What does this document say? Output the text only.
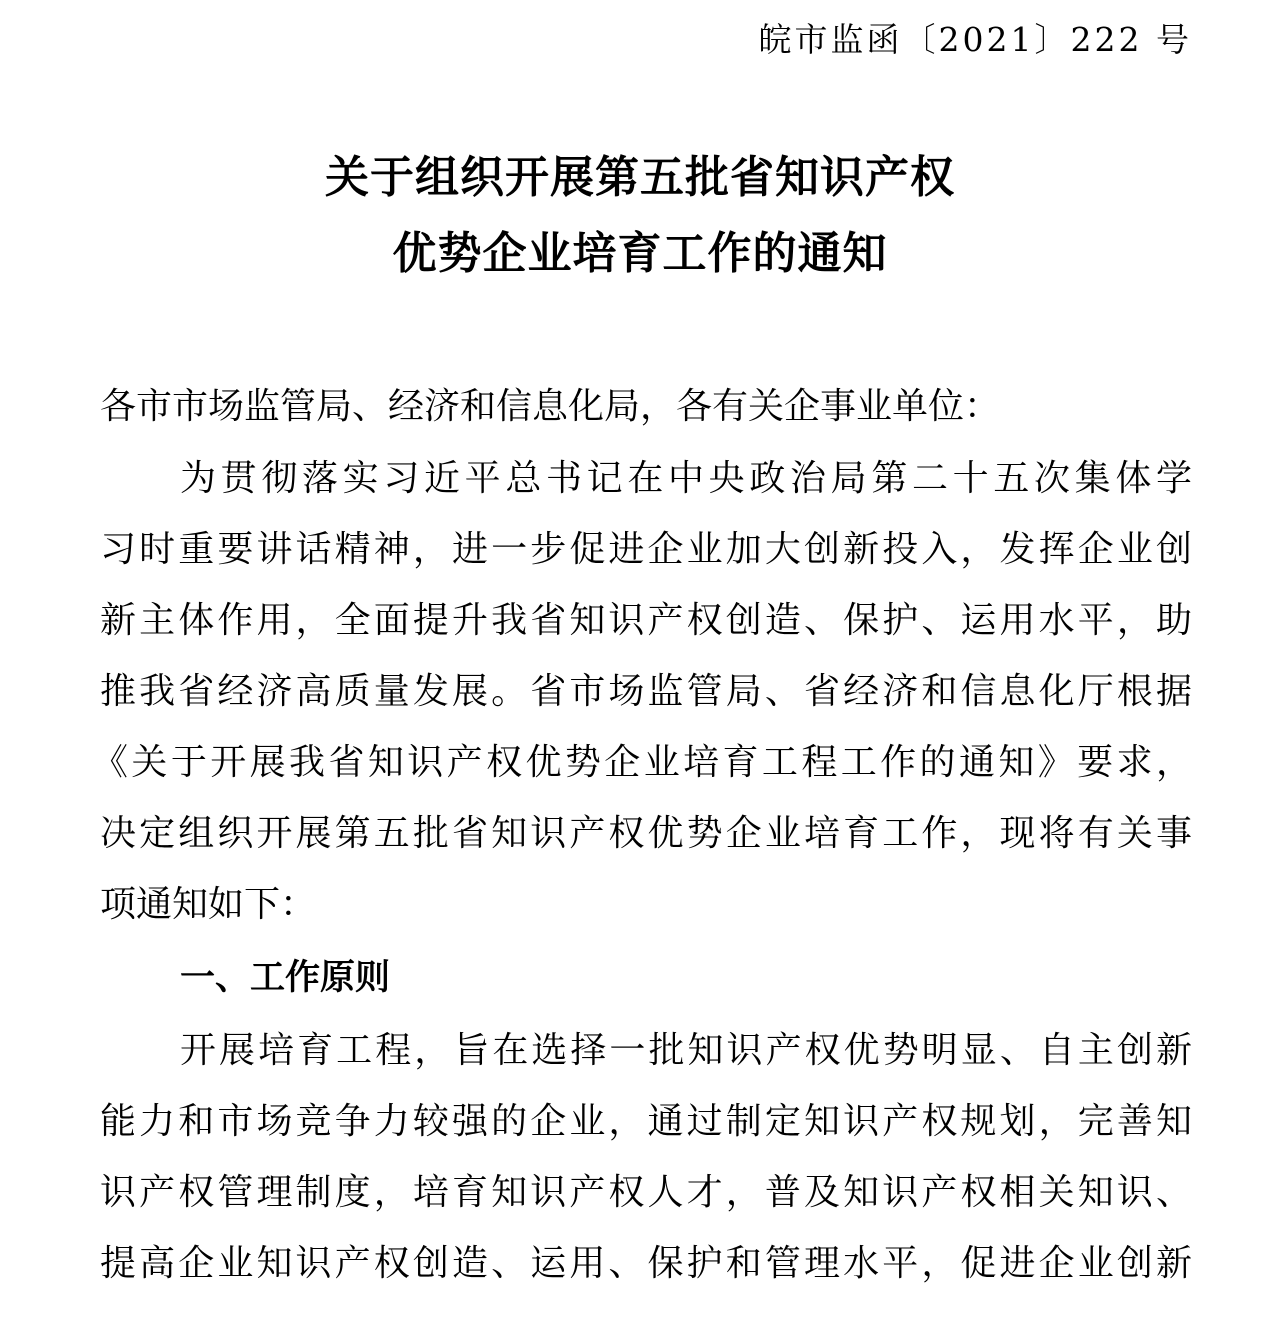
皖市监函〔2021〕222 号
关于组织开展第五批省知识产权
优势企业培育工作的通知
各市市场监管局、经济和信息化局，各有关企事业单位：
为贯彻落实习近平总书记在中央政治局第二十五次集体学
习时重要讲话精神，进一步促进企业加大创新投入，发挥企业创
新主体作用，全面提升我省知识产权创造、保护、运用水平，助
推我省经济高质量发展。省市场监管局、省经济和信息化厅根据
《关于开展我省知识产权优势企业培育工程工作的通知》要求，
决定组织开展第五批省知识产权优势企业培育工作，现将有关事
项通知如下：
一、工作原则
开展培育工程，旨在选择一批知识产权优势明显、自主创新
能力和市场竞争力较强的企业，通过制定知识产权规划，完善知
识产权管理制度，培育知识产权人才，普及知识产权相关知识、
提高企业知识产权创造、运用、保护和管理水平，促进企业创新
